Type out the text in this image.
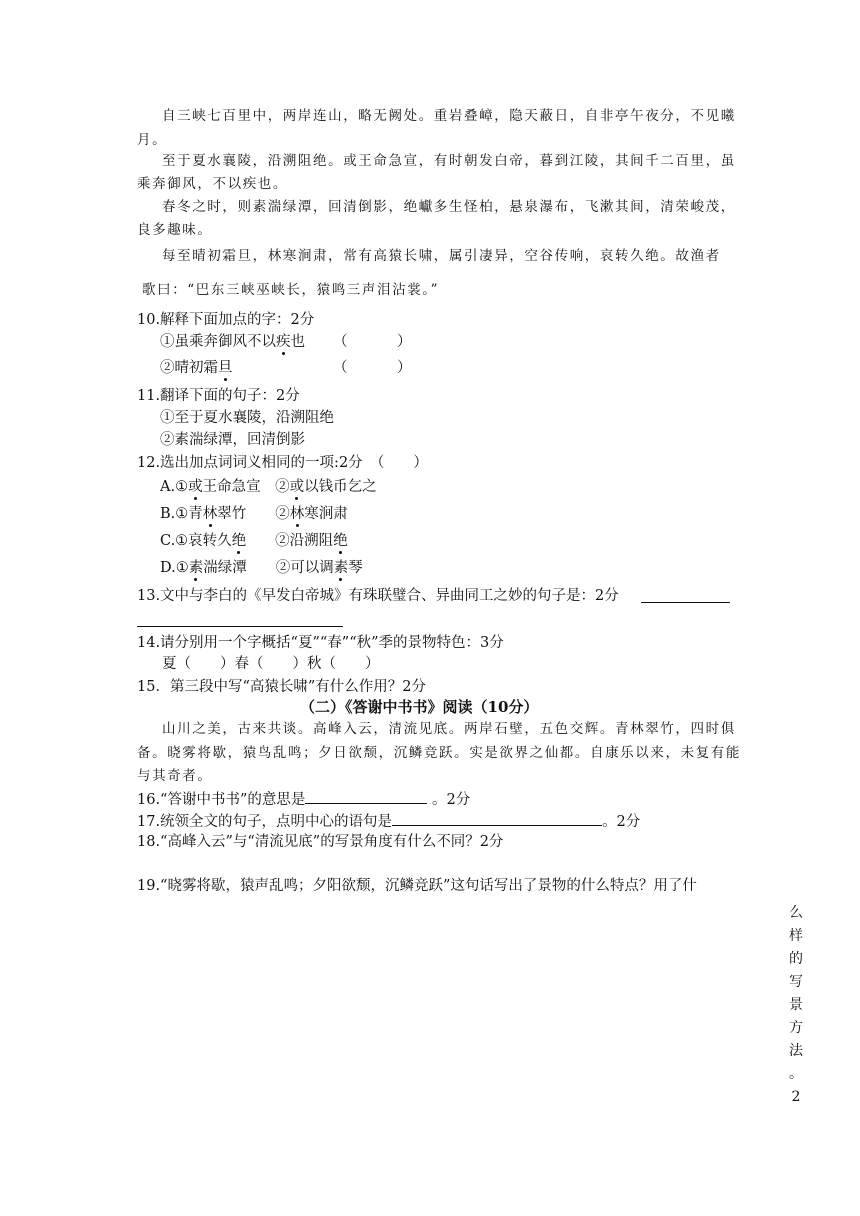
自三峡七百里中，两岸连山，略无阙处。重岩叠嶂，隐天蔽日，自非亭午夜分，不见曦
月。
至于夏水襄陵，沿溯阻绝。或王命急宣，有时朝发白帝，暮到江陵，其间千二百里，虽
乘奔御风，不以疾也。
春冬之时，则素湍绿潭，回清倒影，绝巘多生怪柏，悬泉瀑布，飞漱其间，清荣峻茂，
良多趣味。
每至晴初霜旦，林寒涧肃，常有高猿长啸，属引凄异，空谷传响，哀转久绝。故渔者
歌曰：“巴东三峡巫峡长，猿鸣三声泪沾裳。”
10.解释下面加点的字：2分
①虽乘奔御风不以疾也 （	）
②晴初霜旦	（	）
11.翻译下面的句子：2分
①至于夏水襄陵，沿溯阻绝
②素湍绿潭，回清倒影
12.选出加点词词义相同的一项:2分　（　　）
A.①或王命急宣　②或以钱币乞之
B.①青林翠竹　　②林寒涧肃
C.①哀转久绝　　②沿溯阻绝
D.①素湍绿潭　　②可以调素琴
13.文中与李白的《早发白帝城》有珠联璧合、异曲同工之妙的句子是：2分
14.请分别用一个字概括“夏”“春”“秋”季的景物特色：3分
夏（　　）春（　　）秋（　　）
15．第三段中写“高猿长啸”有什么作用？2分
（二）《答谢中书书》阅读（10分）
山川之美，古来共谈。高峰入云，清流见底。两岸石壁，五色交辉。青林翠竹，四时俱
备。晓雾将歇，猿鸟乱鸣；夕日欲颓，沉鳞竞跃。实是欲界之仙都。自康乐以来，未复有能
与其奇者。
16.“答谢中书书”的意思是	。2分
17.统领全文的句子，点明中心的语句是	。2分
18.“高峰入云”与“清流见底”的写景角度有什么不同？2分
19.“晓雾将歇，猿声乱鸣；夕阳欲颓，沉鳞竞跃”这句话写出了景物的什么特点？用了什
么
样
的
写
景
方
法
。
2
